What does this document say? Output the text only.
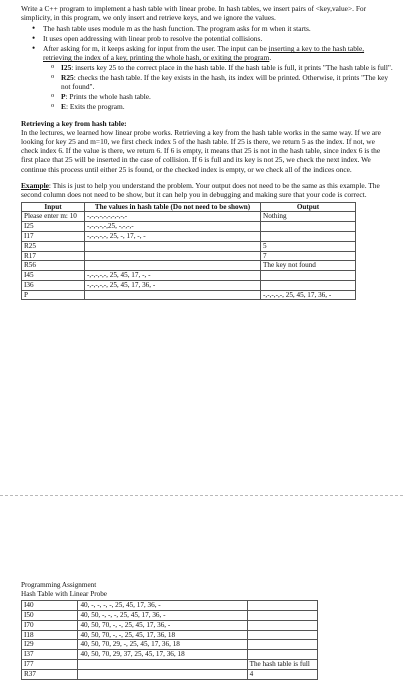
Write a C++ program to implement a hash table with linear probe. In hash tables, we insert pairs of <key,value>. For simplicity, in this program, we only insert and retrieve keys, and we ignore the values.

• The hash table uses module m as the hash function. The program asks for m when it starts.
• It uses open addressing with linear prob to resolve the potential collisions.
• After asking for m, it keeps asking for input from the user. The input can be inserting a key to the hash table, retrieving the index of a key, printing the whole hash, or exiting the program.
o I25: inserts key 25 to the correct place in the hash table. If the hash table is full, it prints "The hash table is full".
o R25: checks the hash table. If the key exists in the hash, its index will be printed. Otherwise, it prints "The key not found".
o P: Prints the whole hash table.
o E: Exits the program.

Retrieving a key from hash table:

In the lectures, we learned how linear probe works. Retrieving a key from the hash table works in the same way. If we are looking for key 25 and m=10, we first check index 5 of the hash table. If 25 is there, we return 5 as the index. If not, we check index 6. If the value is there, we return 6. If 6 is empty, it means that 25 is not in the hash table, since index 6 is the first place that 25 will be inserted in the case of collision. If 6 is full and its key is not 25, we check the next index. We continue this process until either 25 is found, or the checked index is empty, or we check all of the indices once.

Example: This is just to help you understand the problem. Your output does not need to be the same as this example. The second column does not need to be show, but it can help you in debugging and making sure that your code is correct.

Input	The values in hash table (Do not need to be shown)	Output
Please enter m: 10	-,-,-,-,-,-,-,-,-,-	Nothing
I25	-,-,-,-,-,25, -,-,-,-	
I17	-,-,-,-,-, 25, -, 17, -, -	
R25		5
R17		7
R56		The key not found
I45	-,-,-,-,-, 25, 45, 17, -, -	
I36	-,-,-,-,-, 25, 45, 17, 36, -	
P		-,-,-,-,-, 25, 45, 17, 36, -

Programming Assignment

Hash Table with Linear Probe

I40	40, -, -, -, -, 25, 45, 17, 36, -	
I50	40, 50, -, -, -, 25, 45, 17, 36, -	
I70	40, 50, 70, -, -, 25, 45, 17, 36, -	
I18	40, 50, 70, -, -, 25, 45, 17, 36, 18	
I29	40, 50, 70, 29, -, 25, 45, 17, 36, 18	
I37	40, 50, 70, 29, 37, 25, 45, 17, 36, 18	
I77		The hash table is full
R37		4
